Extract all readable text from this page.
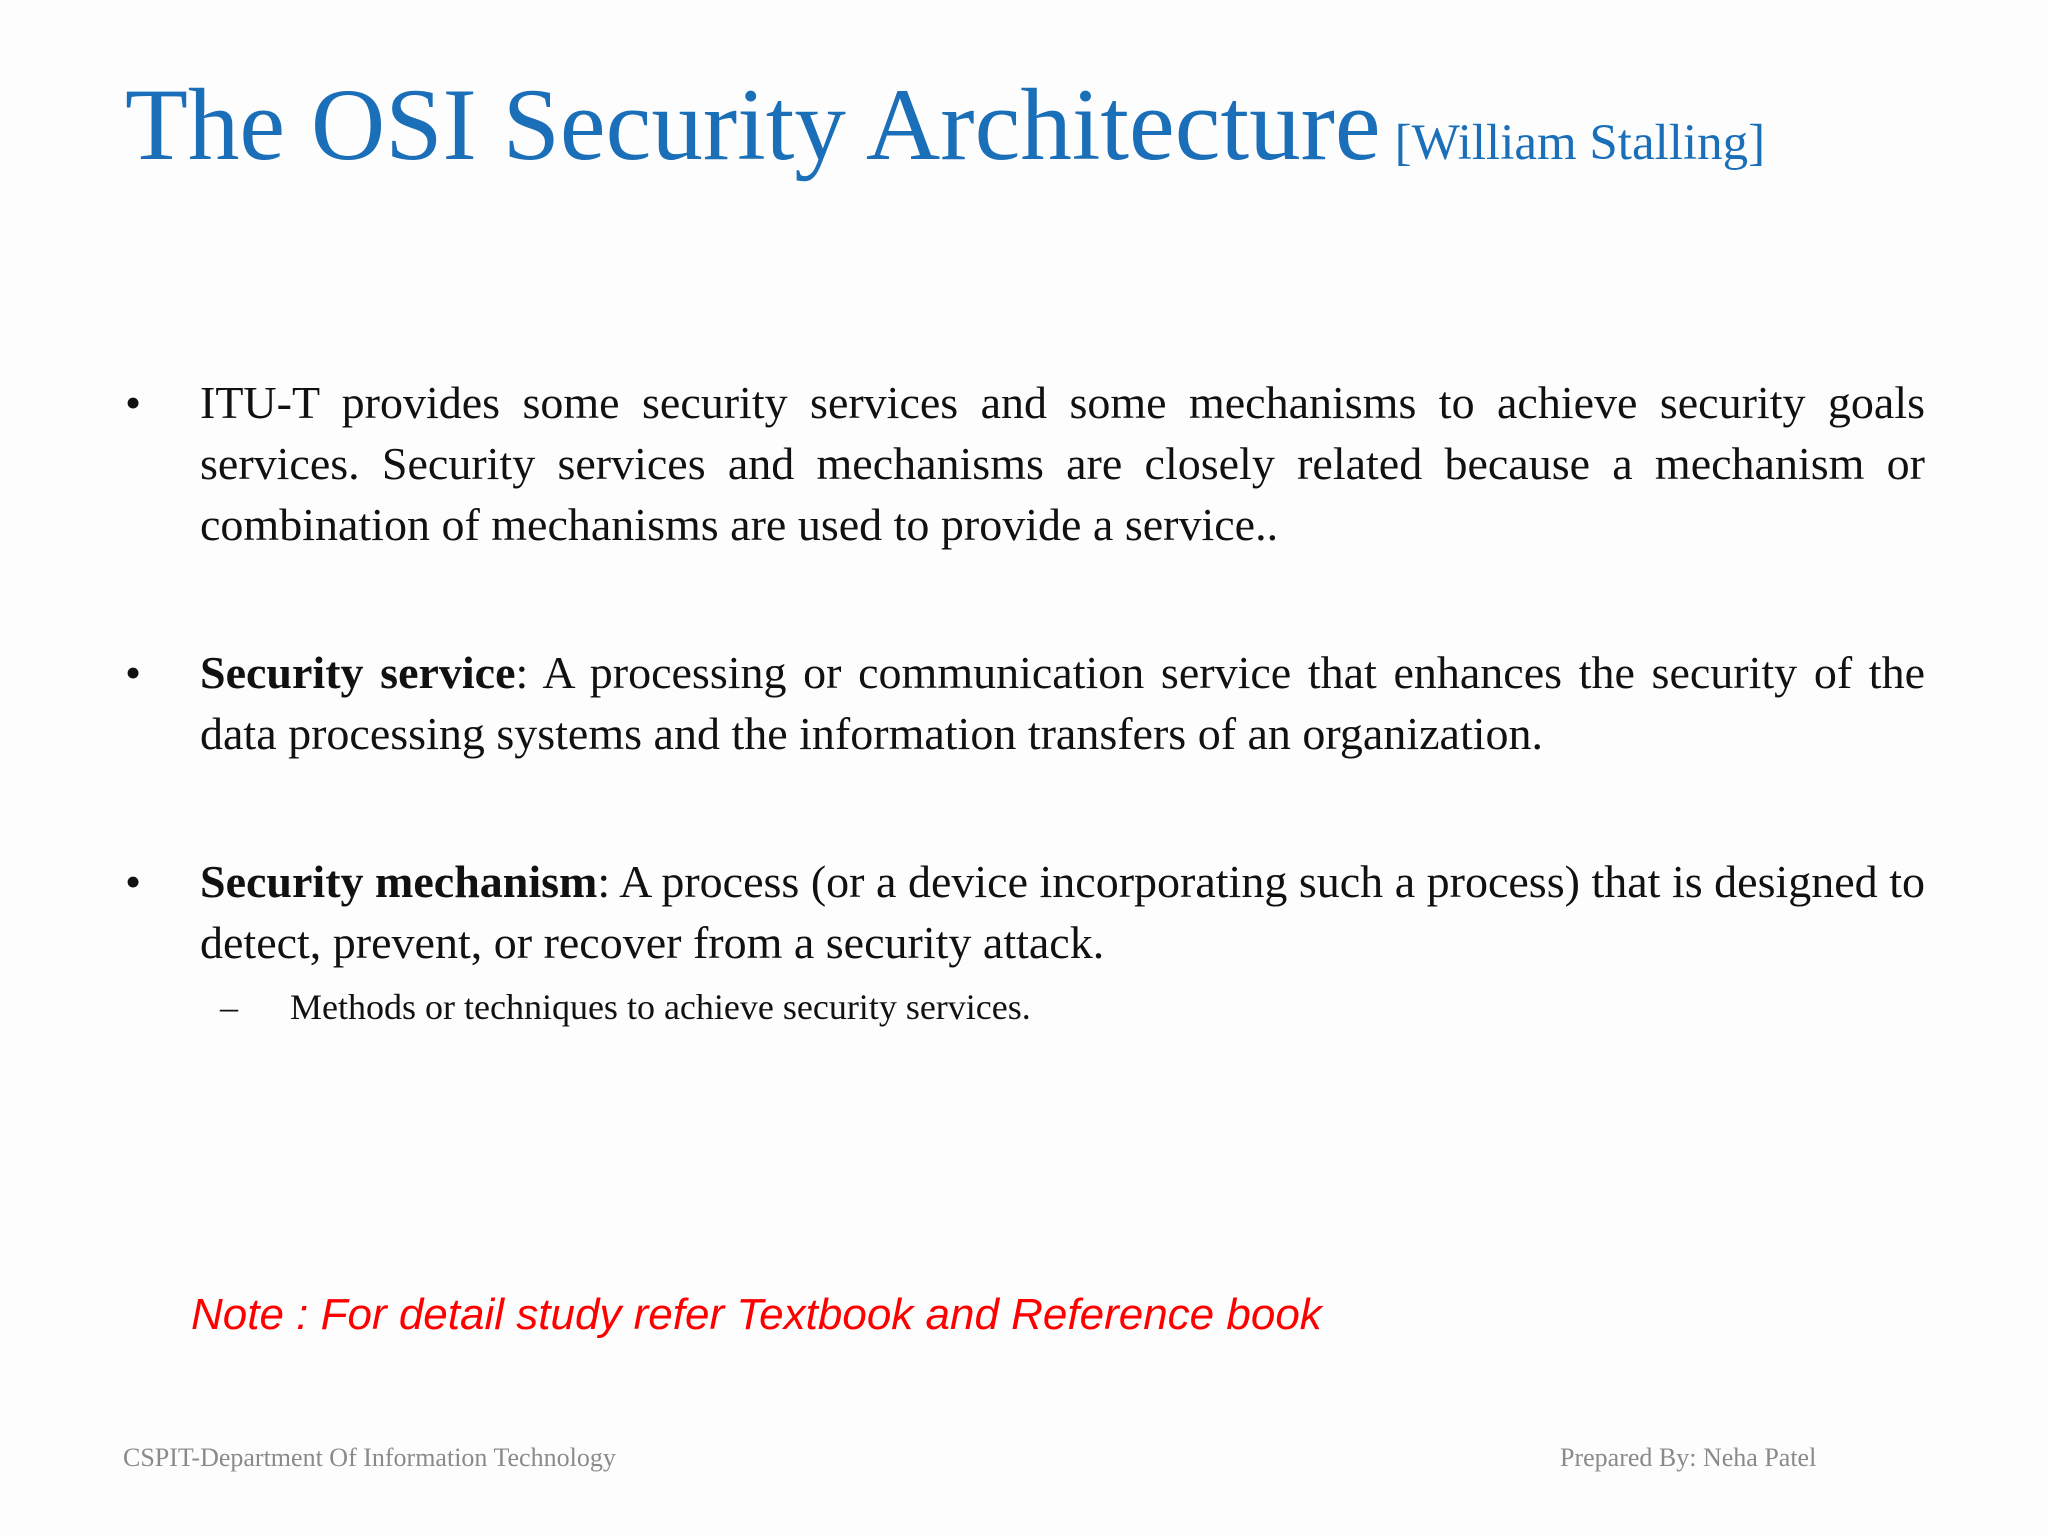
The OSI Security Architecture [William Stalling]
• ITU-T provides some security services and some mechanisms to achieve security goals services. Security services and mechanisms are closely related because a mechanism or combination of mechanisms are used to provide a service..
• Security service: A processing or communication service that enhances the security of the data processing systems and the information transfers of an organization.
• Security mechanism: A process (or a device incorporating such a process) that is designed to detect, prevent, or recover from a security attack.
– Methods or techniques to achieve security services.
Note : For detail study refer Textbook and Reference book
CSPIT-Department Of Information Technology	Prepared By: Neha Patel
